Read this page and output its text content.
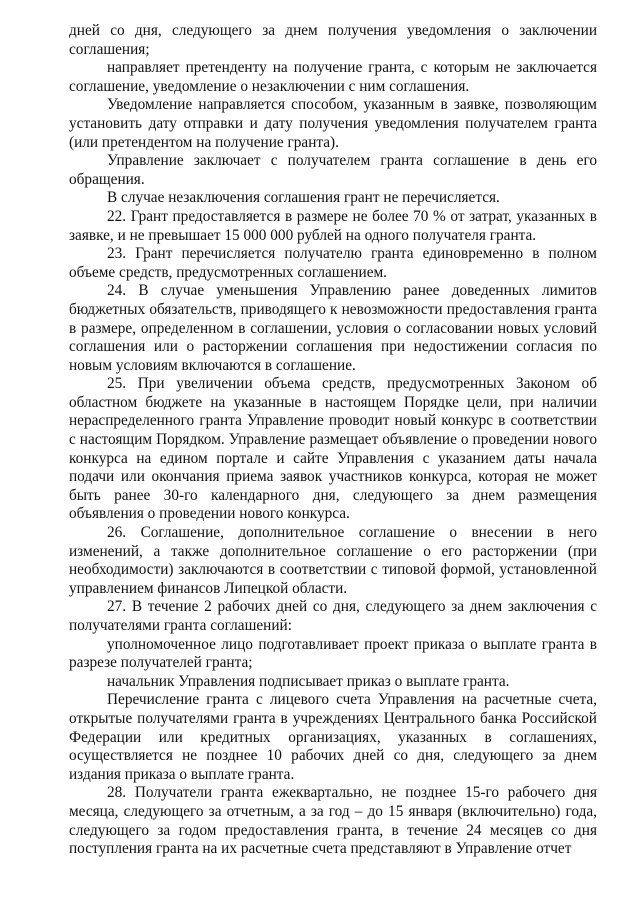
дней со дня, следующего за днем получения уведомления о заключении соглашения;

направляет претенденту на получение гранта, с которым не заключается соглашение, уведомление о незаключении с ним соглашения.

Уведомление направляется способом, указанным в заявке, позволяющим установить дату отправки и дату получения уведомления получателем гранта (или претендентом на получение гранта).

Управление заключает с получателем гранта соглашение в день его обращения.

В случае незаключения соглашения грант не перечисляется.

22. Грант предоставляется в размере не более 70 % от затрат, указанных в заявке, и не превышает 15 000 000 рублей на одного получателя гранта.

23. Грант перечисляется получателю гранта единовременно в полном объеме средств, предусмотренных соглашением.

24. В случае уменьшения Управлению ранее доведенных лимитов бюджетных обязательств, приводящего к невозможности предоставления гранта в размере, определенном в соглашении, условия о согласовании новых условий соглашения или о расторжении соглашения при недостижении согласия по новым условиям включаются в соглашение.

25. При увеличении объема средств, предусмотренных Законом об областном бюджете на указанные в настоящем Порядке цели, при наличии нераспределенного гранта Управление проводит новый конкурс в соответствии с настоящим Порядком. Управление размещает объявление о проведении нового конкурса на едином портале и сайте Управления с указанием даты начала подачи или окончания приема заявок участников конкурса, которая не может быть ранее 30-го календарного дня, следующего за днем размещения объявления о проведении нового конкурса.

26. Соглашение, дополнительное соглашение о внесении в него изменений, а также дополнительное соглашение о его расторжении (при необходимости) заключаются в соответствии с типовой формой, установленной управлением финансов Липецкой области.

27. В течение 2 рабочих дней со дня, следующего за днем заключения с получателями гранта соглашений:

уполномоченное лицо подготавливает проект приказа о выплате гранта в разрезе получателей гранта;

начальник Управления подписывает приказ о выплате гранта.

Перечисление гранта с лицевого счета Управления на расчетные счета, открытые получателями гранта в учреждениях Центрального банка Российской Федерации или кредитных организациях, указанных в соглашениях, осуществляется не позднее 10 рабочих дней со дня, следующего за днем издания приказа о выплате гранта.

28. Получатели гранта ежеквартально, не позднее 15-го рабочего дня месяца, следующего за отчетным, а за год – до 15 января (включительно) года, следующего за годом предоставления гранта, в течение 24 месяцев со дня поступления гранта на их расчетные счета представляют в Управление отчет
